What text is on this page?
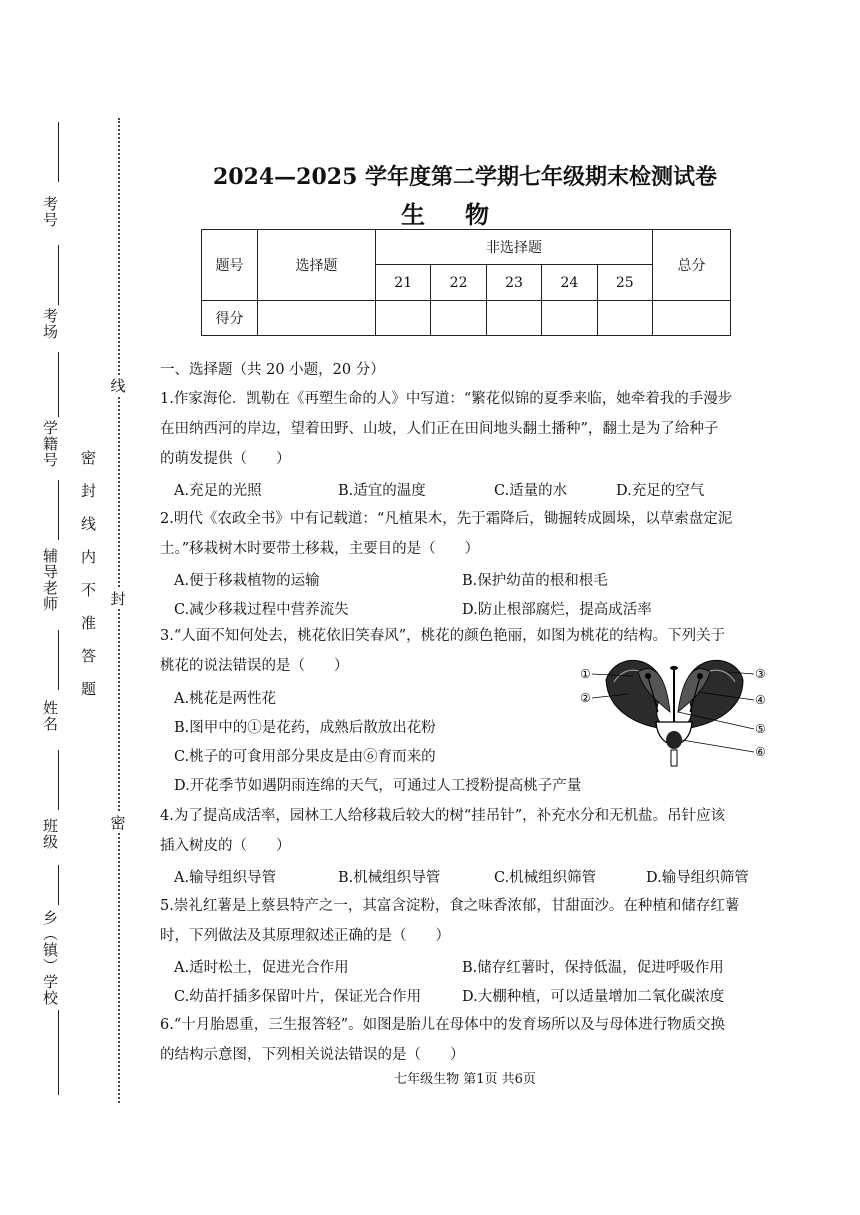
考号
考场
学籍号
辅导老师
姓名
班级
乡（镇）学校
密封线内不准答题
线
封
密
2024—2025 学年度第二学期七年级期末检测试卷
生物
题号	选择题	非选择题					总分
		21	22	23	24	25	
得分							
一、选择题（共 20 小题，20 分）
1.作家海伦．凯勒在《再塑生命的人》中写道：“繁花似锦的夏季来临，她牵着我的手漫步
在田纳西河的岸边，望着田野、山坡，人们正在田间地头翻土播种”，翻土是为了给种子
的萌发提供（　　）
A.充足的光照	B.适宜的温度	C.适量的水	D.充足的空气
2.明代《农政全书》中有记载道：“凡植果木，先于霜降后，锄掘转成圆垛，以草索盘定泥
土。”移栽树木时要带土移栽，主要目的是（　　）
A.便于移栽植物的运输	B.保护幼苗的根和根毛
C.减少移栽过程中营养流失	D.防止根部腐烂，提高成活率
3.“人面不知何处去，桃花依旧笑春风”，桃花的颜色艳丽，如图为桃花的结构。下列关于
桃花的说法错误的是（　　）
A.桃花是两性花
B.图甲中的①是花药，成熟后散放出花粉
C.桃子的可食用部分果皮是由⑥育而来的
D.开花季节如遇阴雨连绵的天气，可通过人工授粉提高桃子产量
①
②
③
④
⑤
⑥
4.为了提高成活率，园林工人给移栽后较大的树“挂吊针”，补充水分和无机盐。吊针应该
插入树皮的（　　）
A.输导组织导管	B.机械组织导管	C.机械组织筛管	D.输导组织筛管
5.崇礼红薯是上蔡县特产之一，其富含淀粉，食之味香浓郁，甘甜面沙。在种植和储存红薯
时，下列做法及其原理叙述正确的是（　　）
A.适时松土，促进光合作用	B.储存红薯时，保持低温，促进呼吸作用
C.幼苗扦插多保留叶片，保证光合作用	D.大棚种植，可以适量增加二氧化碳浓度
6.“十月胎恩重，三生报答轻”。如图是胎儿在母体中的发育场所以及与母体进行物质交换
的结构示意图，下列相关说法错误的是（　　）
七年级生物 第1页 共6页
